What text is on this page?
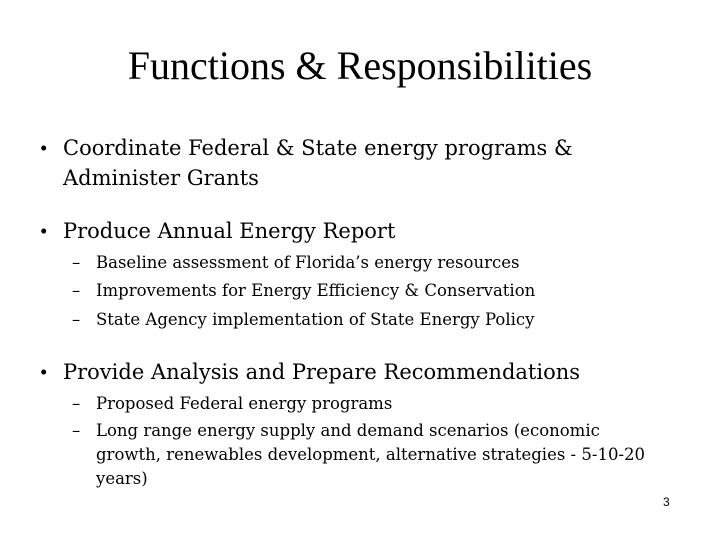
Functions & Responsibilities
• Coordinate Federal & State energy programs &
Administer Grants
• Produce Annual Energy Report
– Baseline assessment of Florida’s energy resources
– Improvements for Energy Efficiency & Conservation
– State Agency implementation of State Energy Policy
• Provide Analysis and Prepare Recommendations
– Proposed Federal energy programs
– Long range energy supply and demand scenarios (economic
growth, renewables development, alternative strategies - 5-10-20
years)
3
